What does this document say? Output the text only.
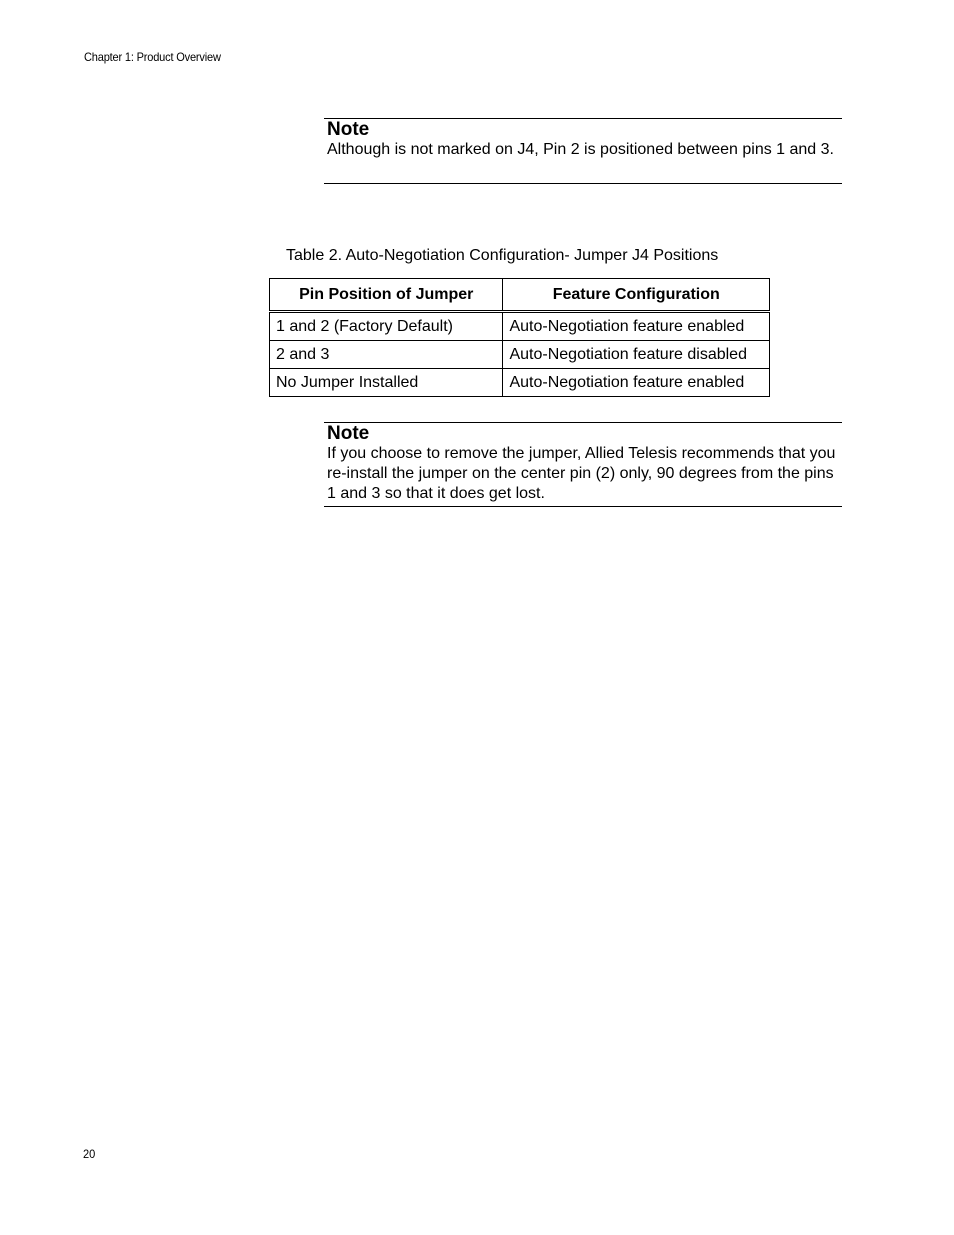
Chapter 1: Product Overview

Note

Although is not marked on J4, Pin 2 is positioned between pins 1 and 3.

Table 2. Auto-Negotiation Configuration- Jumper J4 Positions
Pin Position of Jumper	Feature Configuration
1 and 2 (Factory Default)	Auto-Negotiation feature enabled
2 and 3	Auto-Negotiation feature disabled
No Jumper Installed	Auto-Negotiation feature enabled

Note

If you choose to remove the jumper, Allied Telesis recommends that you re-install the jumper on the center pin (2) only, 90 degrees from the pins 1 and 3 so that it does get lost.

20
